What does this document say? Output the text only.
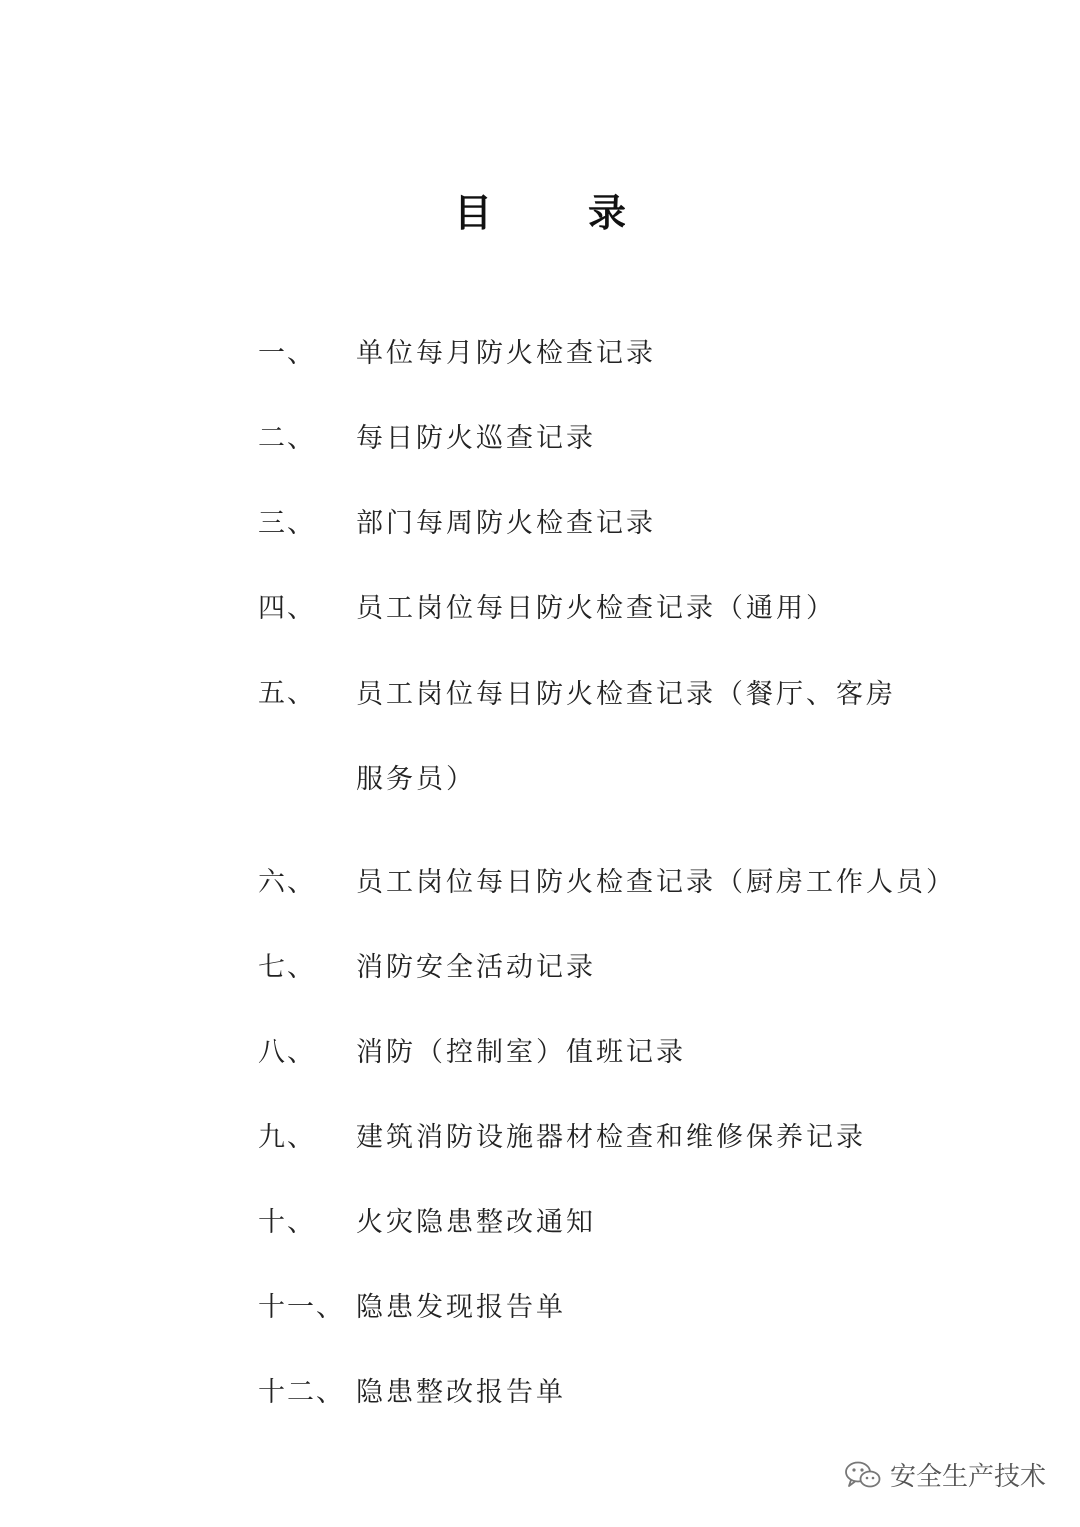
目	录
一、	单位每月防火检查记录
二、	每日防火巡查记录
三、	部门每周防火检查记录
四、	员工岗位每日防火检查记录（通用）
五、	员工岗位每日防火检查记录（餐厅、客房服务员）
六、	员工岗位每日防火检查记录（厨房工作人员）
七、	消防安全活动记录
八、	消防（控制室）值班记录
九、	建筑消防设施器材检查和维修保养记录
十、	火灾隐患整改通知
十一、 隐患发现报告单
十二、 隐患整改报告单
安全生产技术
